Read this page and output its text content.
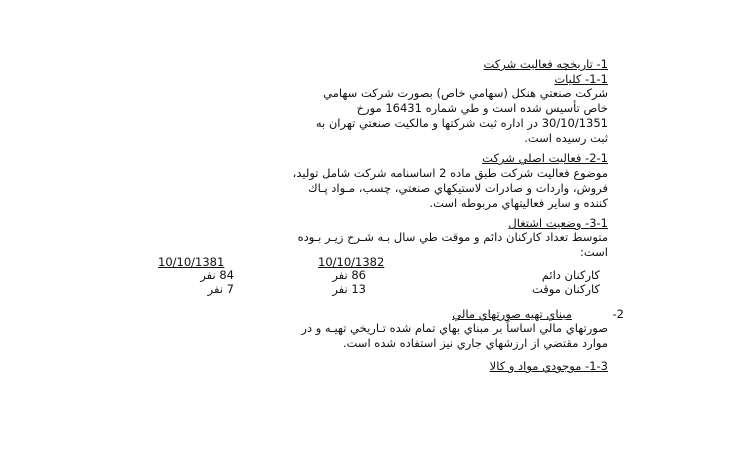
1- تاريخچه فعاليت شركت
1-1- كليات
شركت صنعتي هنكل (سهامي خاص) بصورت شركت سهامي
خاص تأسيس شده است و طي شماره 16431 مورخ
30/10/1351 در اداره ثبت شركتها و مالكيت صنعتي تهران به
ثبت رسيده است.
2-1- فعاليت اصلي شركت
موضوع فعاليت شركت طبق ماده 2 اساسنامه شركت شامل توليد،
فروش، واردات و صادرات لاستيكهاي صنعتي، چسب، مـواد پـاك
كننده و ساير فعاليتهاي مربوطه است.
3-1- وضعيت اشتغال
متوسط تعداد كاركنان دائم و موقت طي سال بـه شـرح زيـر بـوده
است:
10/10/1382
10/10/1381
كاركنان دائم
86 نفر
84 نفر
كاركنان موقت
13 نفر
7 نفر
2-
مبناي تهيه صورتهاي مالي
صورتهاي مالي اساساً بر مبناي بهاي تمام شده تـاريخي تهيـه و در
موارد مقتضي از ارزشهاي جاري نيز استفاده شده است.
1-3- موجودي مواد و كالا
